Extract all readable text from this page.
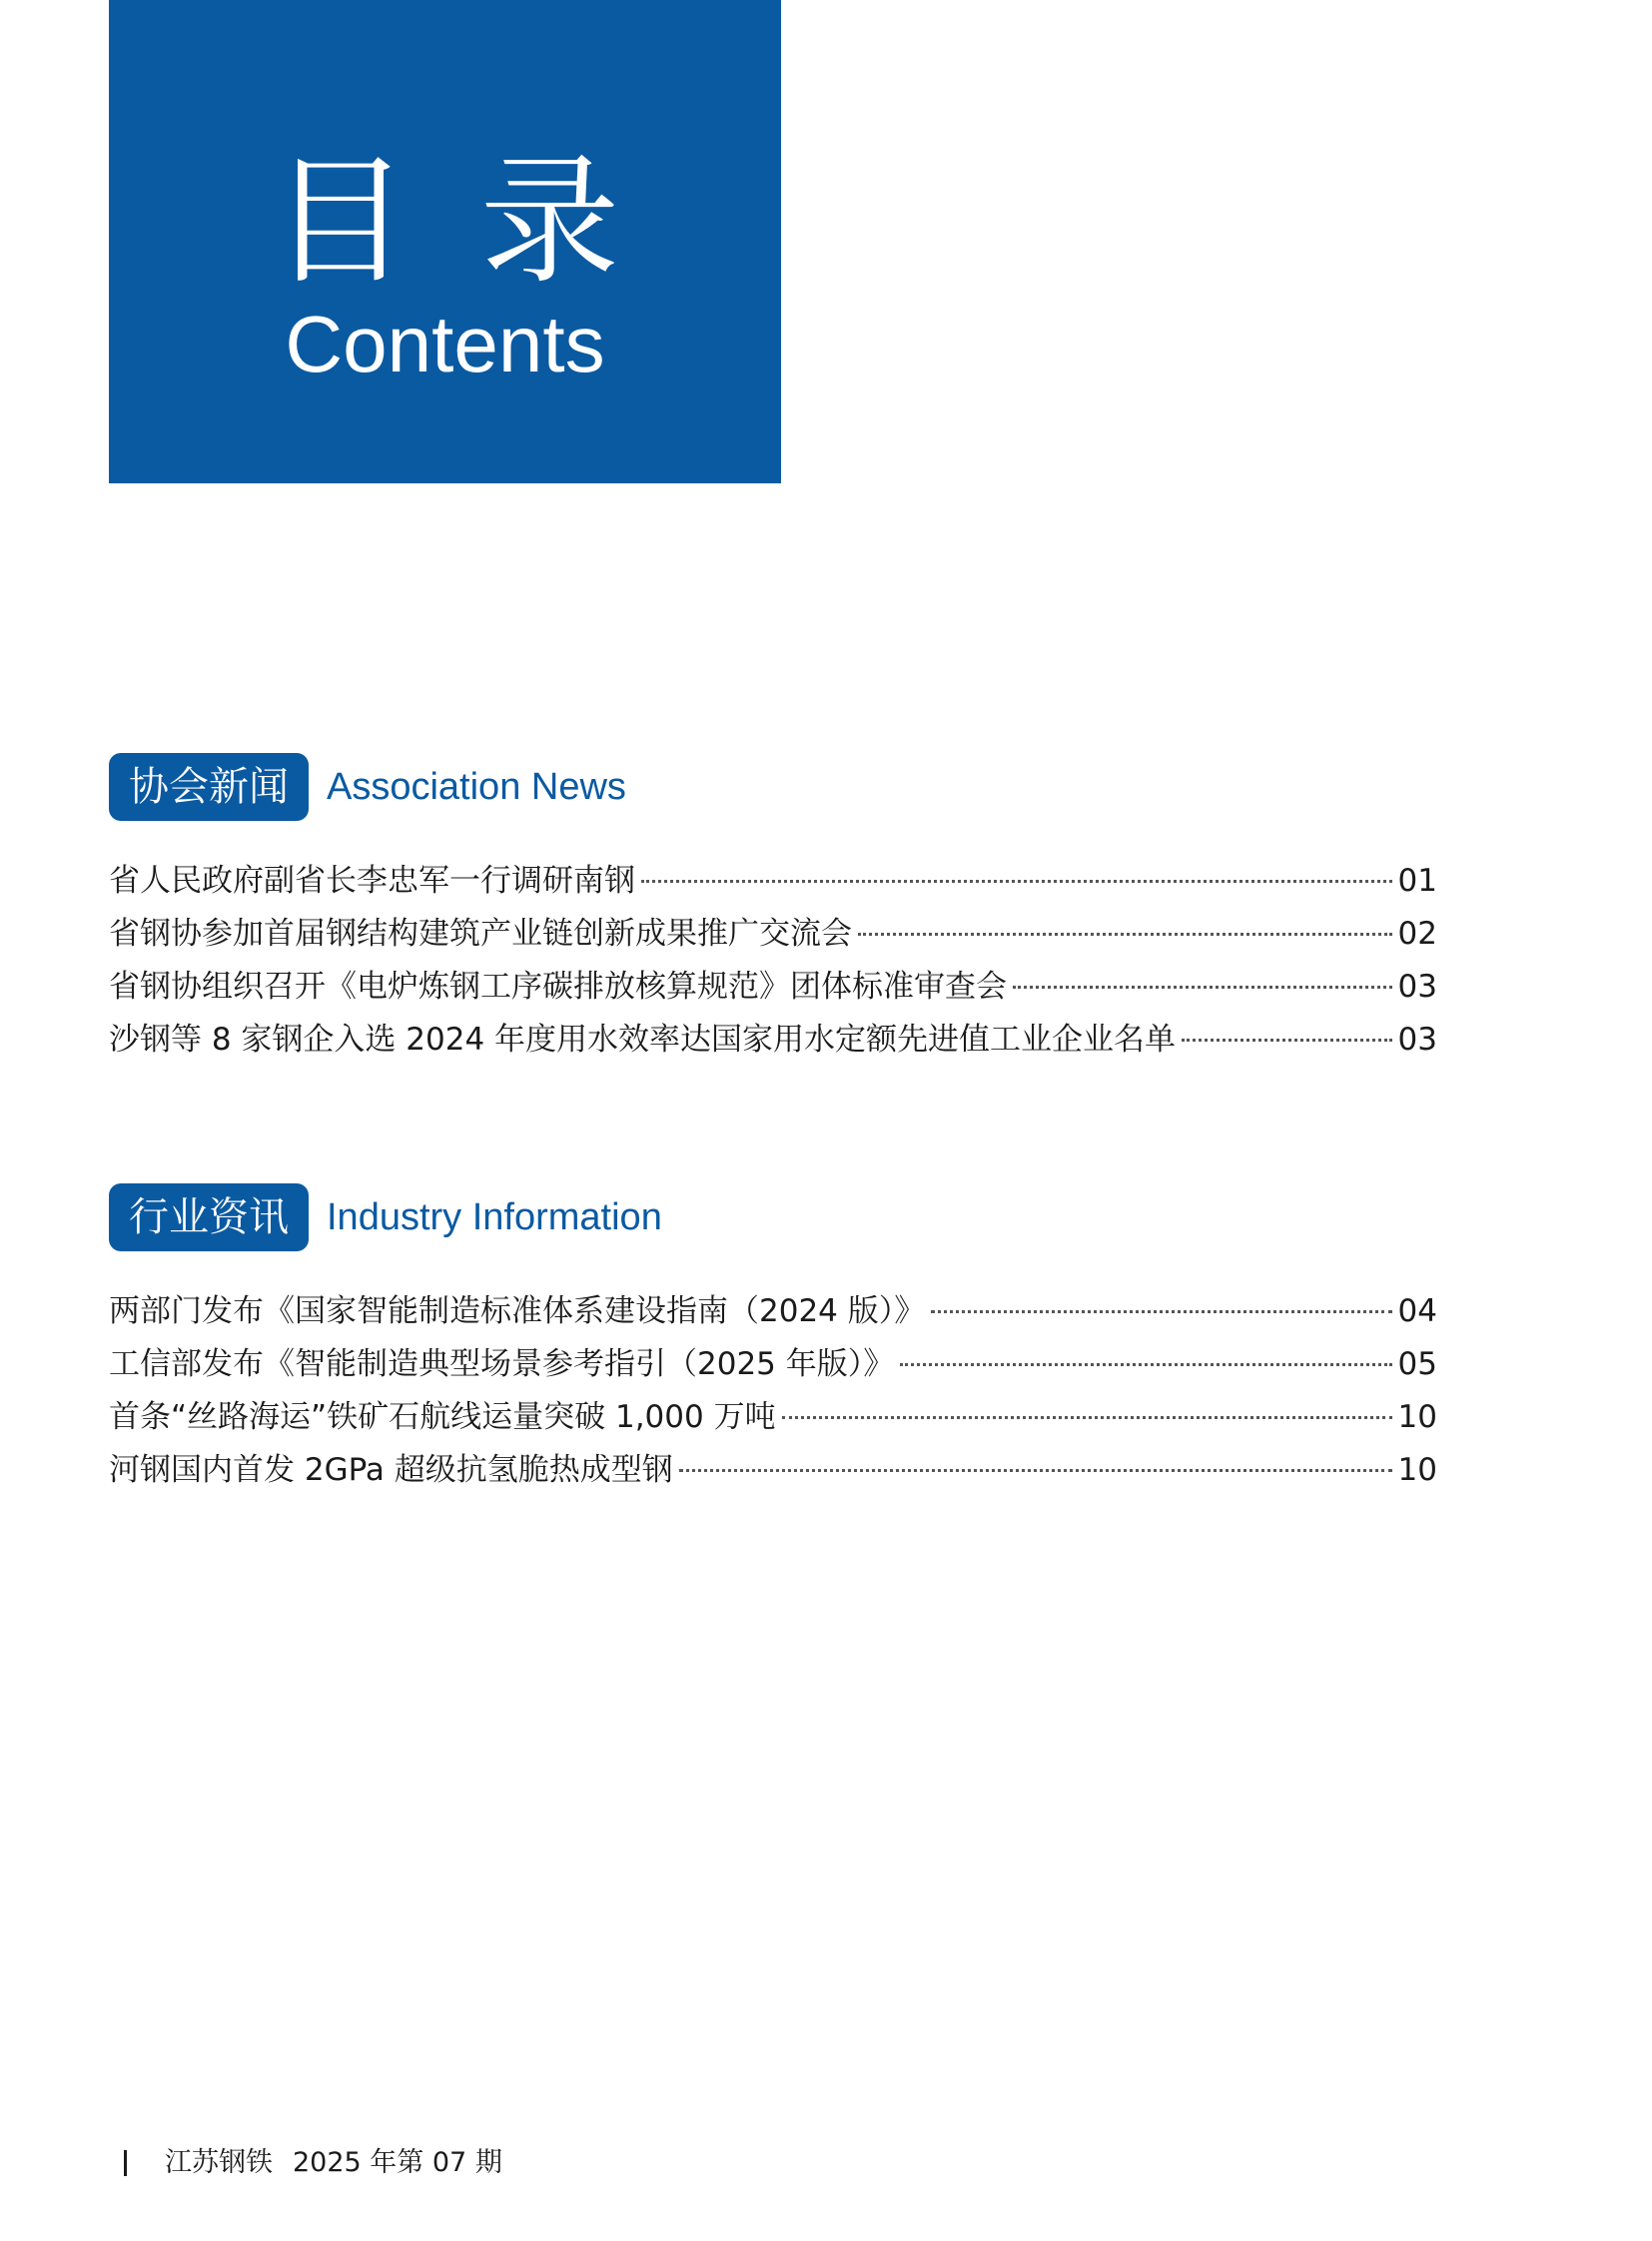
目录
Contents
协会新闻	Association News
省人民政府副省长李忠军一行调研南钢	01
省钢协参加首届钢结构建筑产业链创新成果推广交流会	02
省钢协组织召开《电炉炼钢工序碳排放核算规范》团体标准审查会	03
沙钢等 8 家钢企入选 2024 年度用水效率达国家用水定额先进值工业企业名单	03
行业资讯	Industry Information
两部门发布《国家智能制造标准体系建设指南（2024 版）》	04
工信部发布《智能制造典型场景参考指引（2025 年版）》	05
首条“丝路海运”铁矿石航线运量突破 1,000 万吨	10
河钢国内首发 2GPa 超级抗氢脆热成型钢	10
江苏钢铁 2025 年第 07 期
